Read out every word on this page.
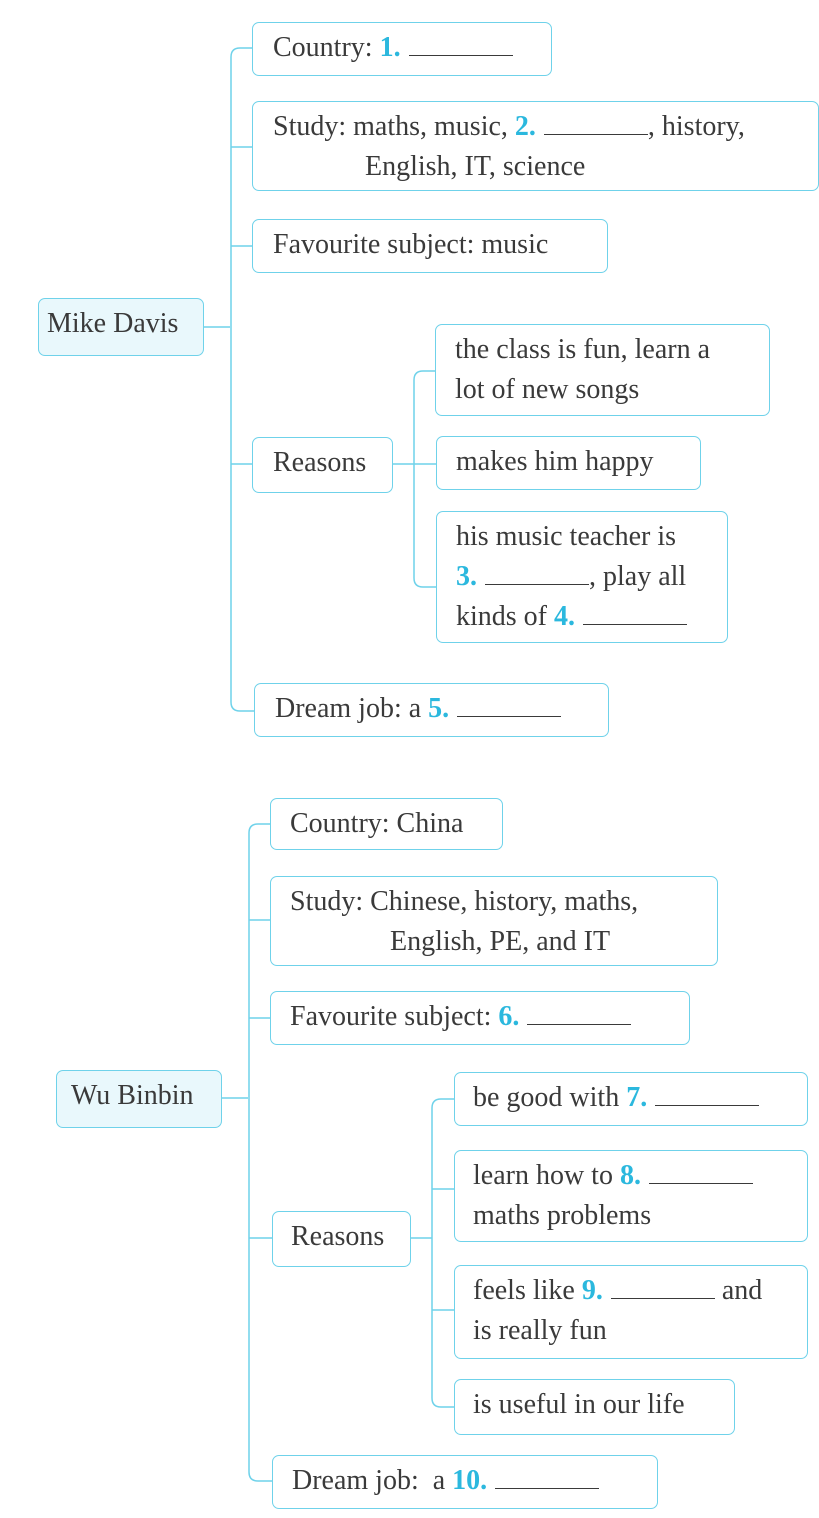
Mike Davis
Country: 1.
Study: maths, music, 2.	, history,
English, IT, science
Favourite subject: music
Reasons
the class is fun, learn a
lot of new songs
makes him happy
his music teacher is
3.	, play all
kinds of 4.
Dream job: a 5.
Wu Binbin
Country: China
Study: Chinese, history, maths,
English, PE, and IT
Favourite subject: 6.
Reasons
be good with 7.
learn how to 8.
maths problems
feels like 9.	and
is really fun
is useful in our life
Dream job:  a 10.
